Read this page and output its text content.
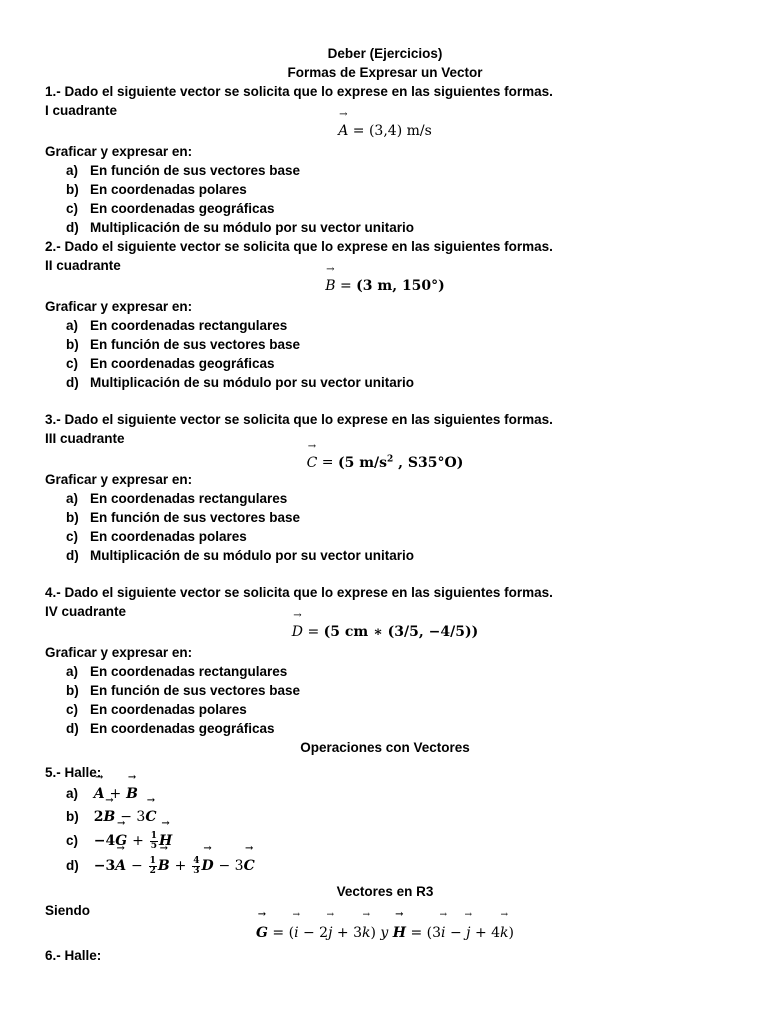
Deber (Ejercicios)
Formas de Expresar un Vector
1.- Dado el siguiente vector se solicita que lo exprese en las siguientes formas.
I cuadrante
→ A = (3,4) m/s
Graficar y expresar en:
a) En función de sus vectores base
b) En coordenadas polares
c) En coordenadas geográficas
d) Multiplicación de su módulo por su vector unitario
2.- Dado el siguiente vector se solicita que lo exprese en las siguientes formas.
II cuadrante
→ B = (3 m, 150°)
Graficar y expresar en:
a) En coordenadas rectangulares
b) En función de sus vectores base
c) En coordenadas geográficas
d) Multiplicación de su módulo por su vector unitario
3.- Dado el siguiente vector se solicita que lo exprese en las siguientes formas.
III cuadrante
→ C = (5 $m/s^2$ , S35°O)
Graficar y expresar en:
a) En coordenadas rectangulares
b) En función de sus vectores base
c) En coordenadas polares
d) Multiplicación de su módulo por su vector unitario
4.- Dado el siguiente vector se solicita que lo exprese en las siguientes formas.
IV cuadrante
→ D = (5 cm ∗ (3/5, −4/5))
Graficar y expresar en:
a) En coordenadas rectangulares
b) En función de sus vectores base
c) En coordenadas polares
d) En coordenadas geográficas
Operaciones con Vectores
5.- Halle:
a) → A + → B
b) 2→ B − 3→ C
$c) -4\to G + \frac{1}{5}$
→ H
$d) -3\to A - \frac{1}{2}$
→ $B + \frac{4}{3}$
→ D − 3→ C
Vectores en R3
Siendo
→ G = (→ i − 2→ j + 3→ k) y → H = (3→ i − → j + 4→ k)
6.- Halle:
